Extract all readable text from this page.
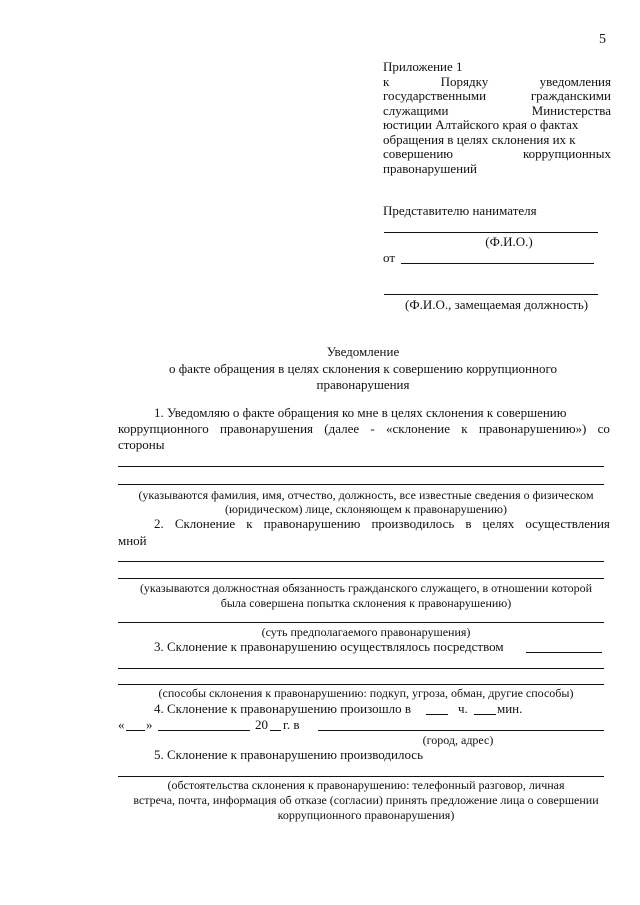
5
Приложение 1
к	Порядку	уведомления
государственными	гражданскими
служащими	Министерства
юстиции Алтайского края о фактах
обращения в целях склонения их к
совершению	коррупционных
правонарушений
Представителю нанимателя
(Ф.И.О.)
от
(Ф.И.О., замещаемая должность)
Уведомление
о факте обращения в целях склонения к совершению коррупционного
правонарушения
1. Уведомляю о факте обращения ко мне в целях склонения к совершению
коррупционного правонарушения (далее - «склонение к правонарушению») со
стороны
(указываются фамилия, имя, отчество, должность, все известные сведения о физическом
(юридическом) лице, склоняющем к правонарушению)
2. Склонение к правонарушению производилось в целях осуществления
мной
(указываются должностная обязанность гражданского служащего, в отношении которой
была совершена попытка склонения к правонарушению)
(суть предполагаемого правонарушения)
3. Склонение к правонарушению осуществлялось посредством
(способы склонения к правонарушению: подкуп, угроза, обман, другие способы)
4. Склонение к правонарушению произошло в	ч. мин.
« »	20 г. в
(город, адрес)
5. Склонение к правонарушению производилось
(обстоятельства склонения к правонарушению: телефонный разговор, личная
встреча, почта, информация об отказе (согласии) принять предложение лица о совершении
коррупционного правонарушения)
